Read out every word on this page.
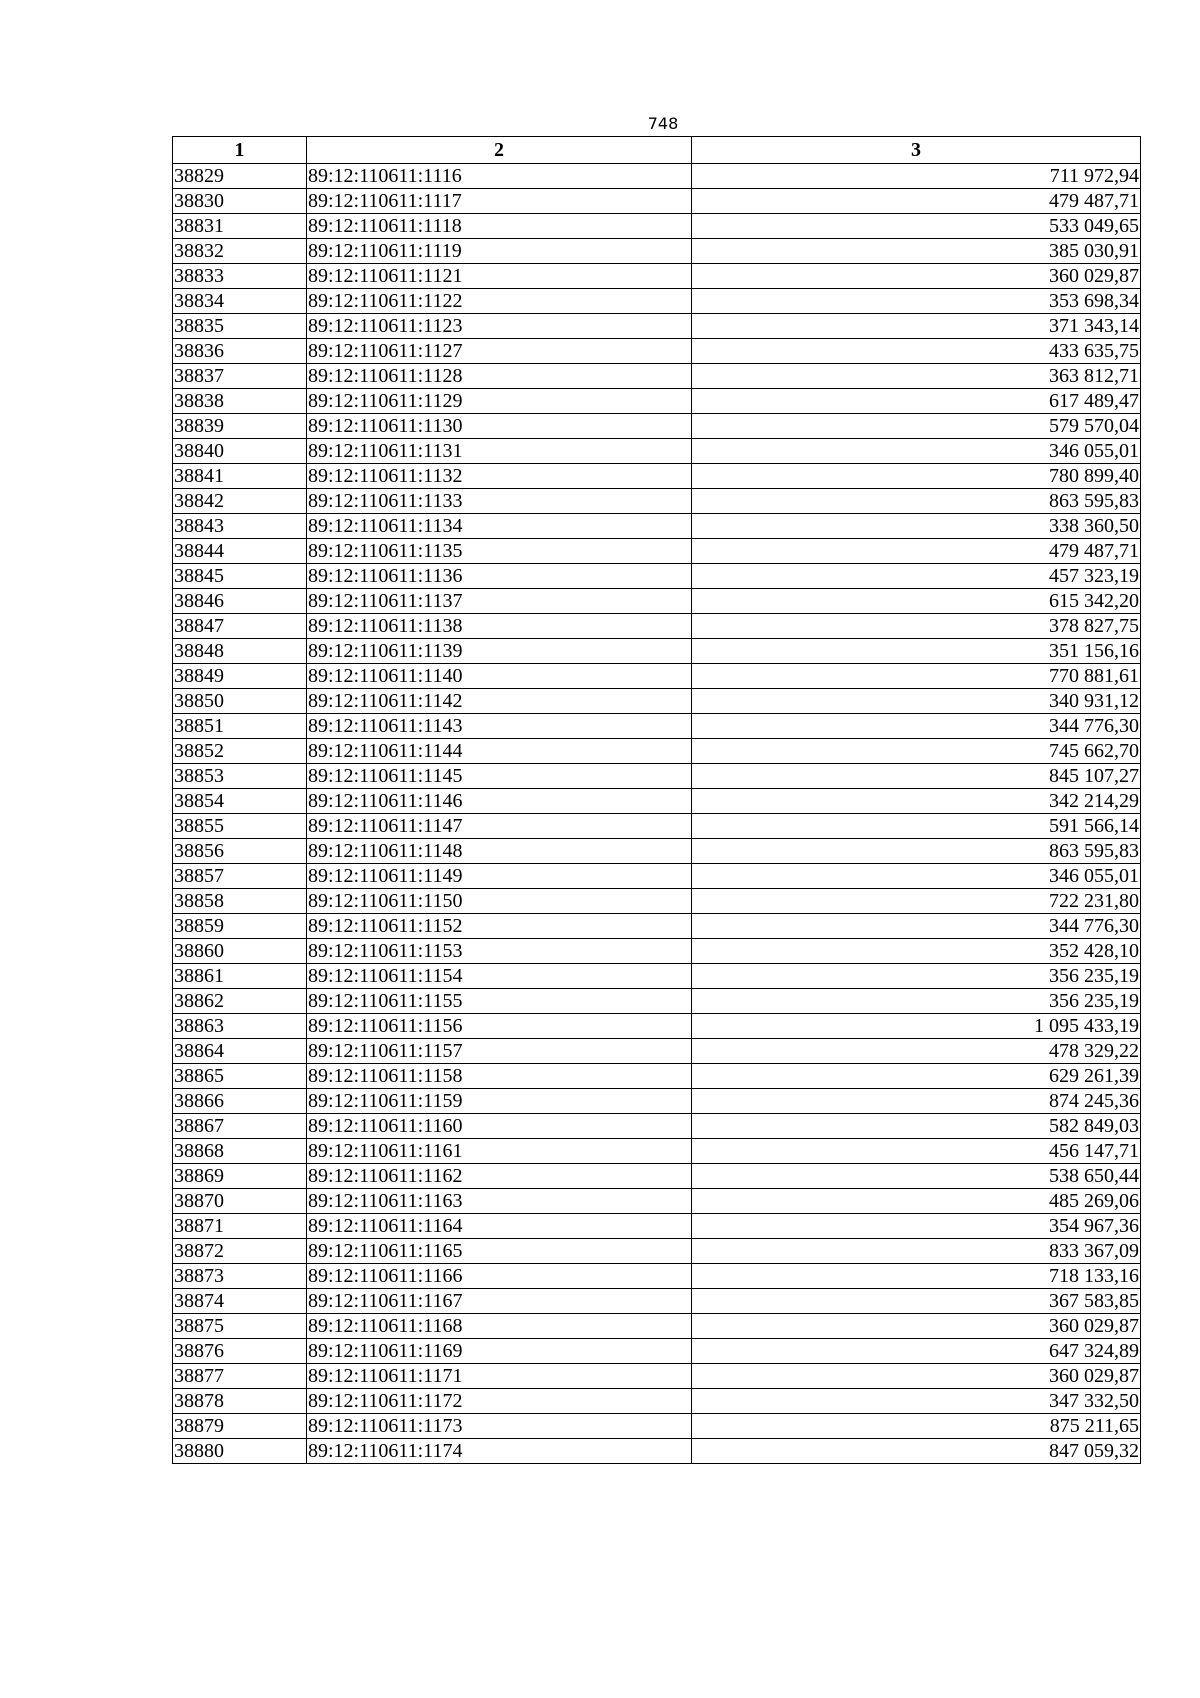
748
1	2	3
38829	89:12:110611:1116	711 972,94
38830	89:12:110611:1117	479 487,71
38831	89:12:110611:1118	533 049,65
38832	89:12:110611:1119	385 030,91
38833	89:12:110611:1121	360 029,87
38834	89:12:110611:1122	353 698,34
38835	89:12:110611:1123	371 343,14
38836	89:12:110611:1127	433 635,75
38837	89:12:110611:1128	363 812,71
38838	89:12:110611:1129	617 489,47
38839	89:12:110611:1130	579 570,04
38840	89:12:110611:1131	346 055,01
38841	89:12:110611:1132	780 899,40
38842	89:12:110611:1133	863 595,83
38843	89:12:110611:1134	338 360,50
38844	89:12:110611:1135	479 487,71
38845	89:12:110611:1136	457 323,19
38846	89:12:110611:1137	615 342,20
38847	89:12:110611:1138	378 827,75
38848	89:12:110611:1139	351 156,16
38849	89:12:110611:1140	770 881,61
38850	89:12:110611:1142	340 931,12
38851	89:12:110611:1143	344 776,30
38852	89:12:110611:1144	745 662,70
38853	89:12:110611:1145	845 107,27
38854	89:12:110611:1146	342 214,29
38855	89:12:110611:1147	591 566,14
38856	89:12:110611:1148	863 595,83
38857	89:12:110611:1149	346 055,01
38858	89:12:110611:1150	722 231,80
38859	89:12:110611:1152	344 776,30
38860	89:12:110611:1153	352 428,10
38861	89:12:110611:1154	356 235,19
38862	89:12:110611:1155	356 235,19
38863	89:12:110611:1156	1 095 433,19
38864	89:12:110611:1157	478 329,22
38865	89:12:110611:1158	629 261,39
38866	89:12:110611:1159	874 245,36
38867	89:12:110611:1160	582 849,03
38868	89:12:110611:1161	456 147,71
38869	89:12:110611:1162	538 650,44
38870	89:12:110611:1163	485 269,06
38871	89:12:110611:1164	354 967,36
38872	89:12:110611:1165	833 367,09
38873	89:12:110611:1166	718 133,16
38874	89:12:110611:1167	367 583,85
38875	89:12:110611:1168	360 029,87
38876	89:12:110611:1169	647 324,89
38877	89:12:110611:1171	360 029,87
38878	89:12:110611:1172	347 332,50
38879	89:12:110611:1173	875 211,65
38880	89:12:110611:1174	847 059,32
